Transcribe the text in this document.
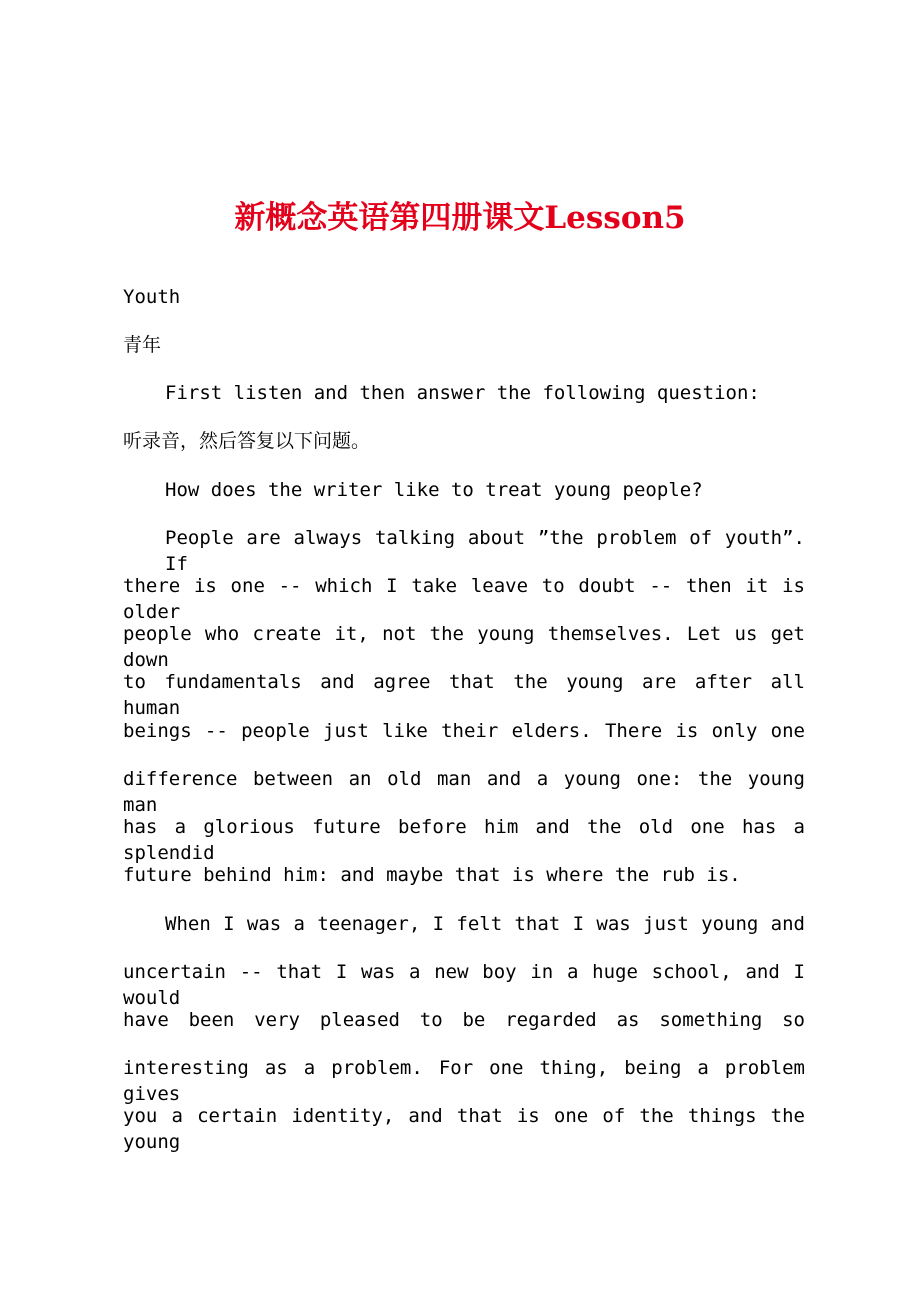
新概念英语第四册课文Lesson5
Youth
青年
First listen and then answer the following question:
听录音，然后答复以下问题。
How does the writer like to treat young people?
People are always talking about ”the problem of youth”. If
there is one -- which I take leave to doubt -- then it is older
people who create it, not the young themselves. Let us get down
to fundamentals and agree that the young are after all human
beings -- people just like their elders. There is only one
difference between an old man and a young one: the young man
has a glorious future before him and the old one has a splendid
future behind him: and maybe that is where the rub is.
When I was a teenager, I felt that I was just young and
uncertain -- that I was a new boy in a huge school, and I would
have been very pleased to be regarded as something so
interesting as a problem. For one thing, being a problem gives
you a certain identity, and that is one of the things the young
